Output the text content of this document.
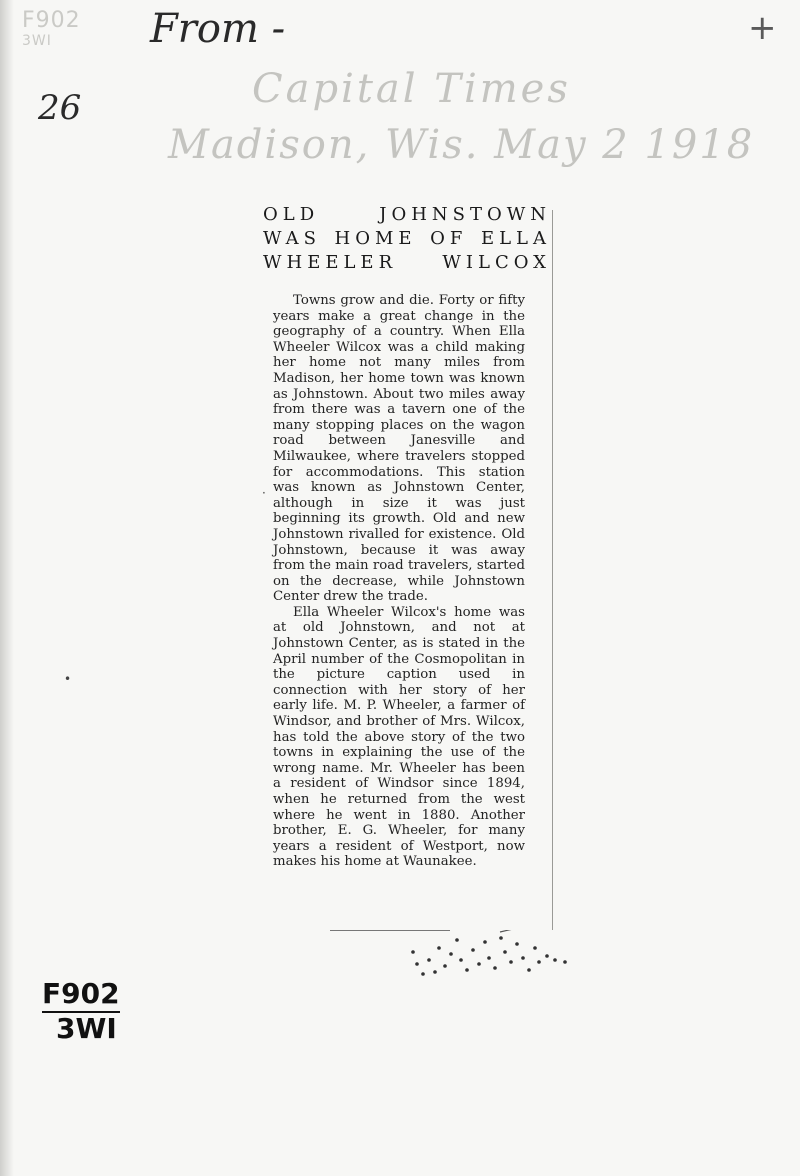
F902
3WI	From -
26	Capital Times
Madison, Wis. May 2 1918
+
OLD JOHNSTOWN WAS HOME OF ELLA WHEELER WILCOX

Towns grow and die. Forty or fifty years make a great change in the geography of a country. When Ella Wheeler Wilcox was a child making her home not many miles from Madison, her home town was known as Johnstown. About two miles away from there was a tavern one of the many stopping places on the wagon road between Janesville and Milwaukee, where travelers stopped for accommodations. This station was known as Johnstown Center, although in size it was just beginning its growth. Old and new Johnstown rivalled for existence. Old Johnstown, because it was away from the main road travelers, started on the decrease, while Johnstown Center drew the trade.

Ella Wheeler Wilcox's home was at old Johnstown, and not at Johnstown Center, as is stated in the April number of the Cosmopolitan in the picture caption used in connection with her story of her early life. M. P. Wheeler, a farmer of Windsor, and brother of Mrs. Wilcox, has told the above story of the two towns in explaining the use of the wrong name. Mr. Wheeler has been a resident of Windsor since 1894, when he returned from the west where he went in 1880. Another brother, E. G. Wheeler, for many years a resident of Westport, now makes his home at Waunakee.

•
·
F902
3WI
